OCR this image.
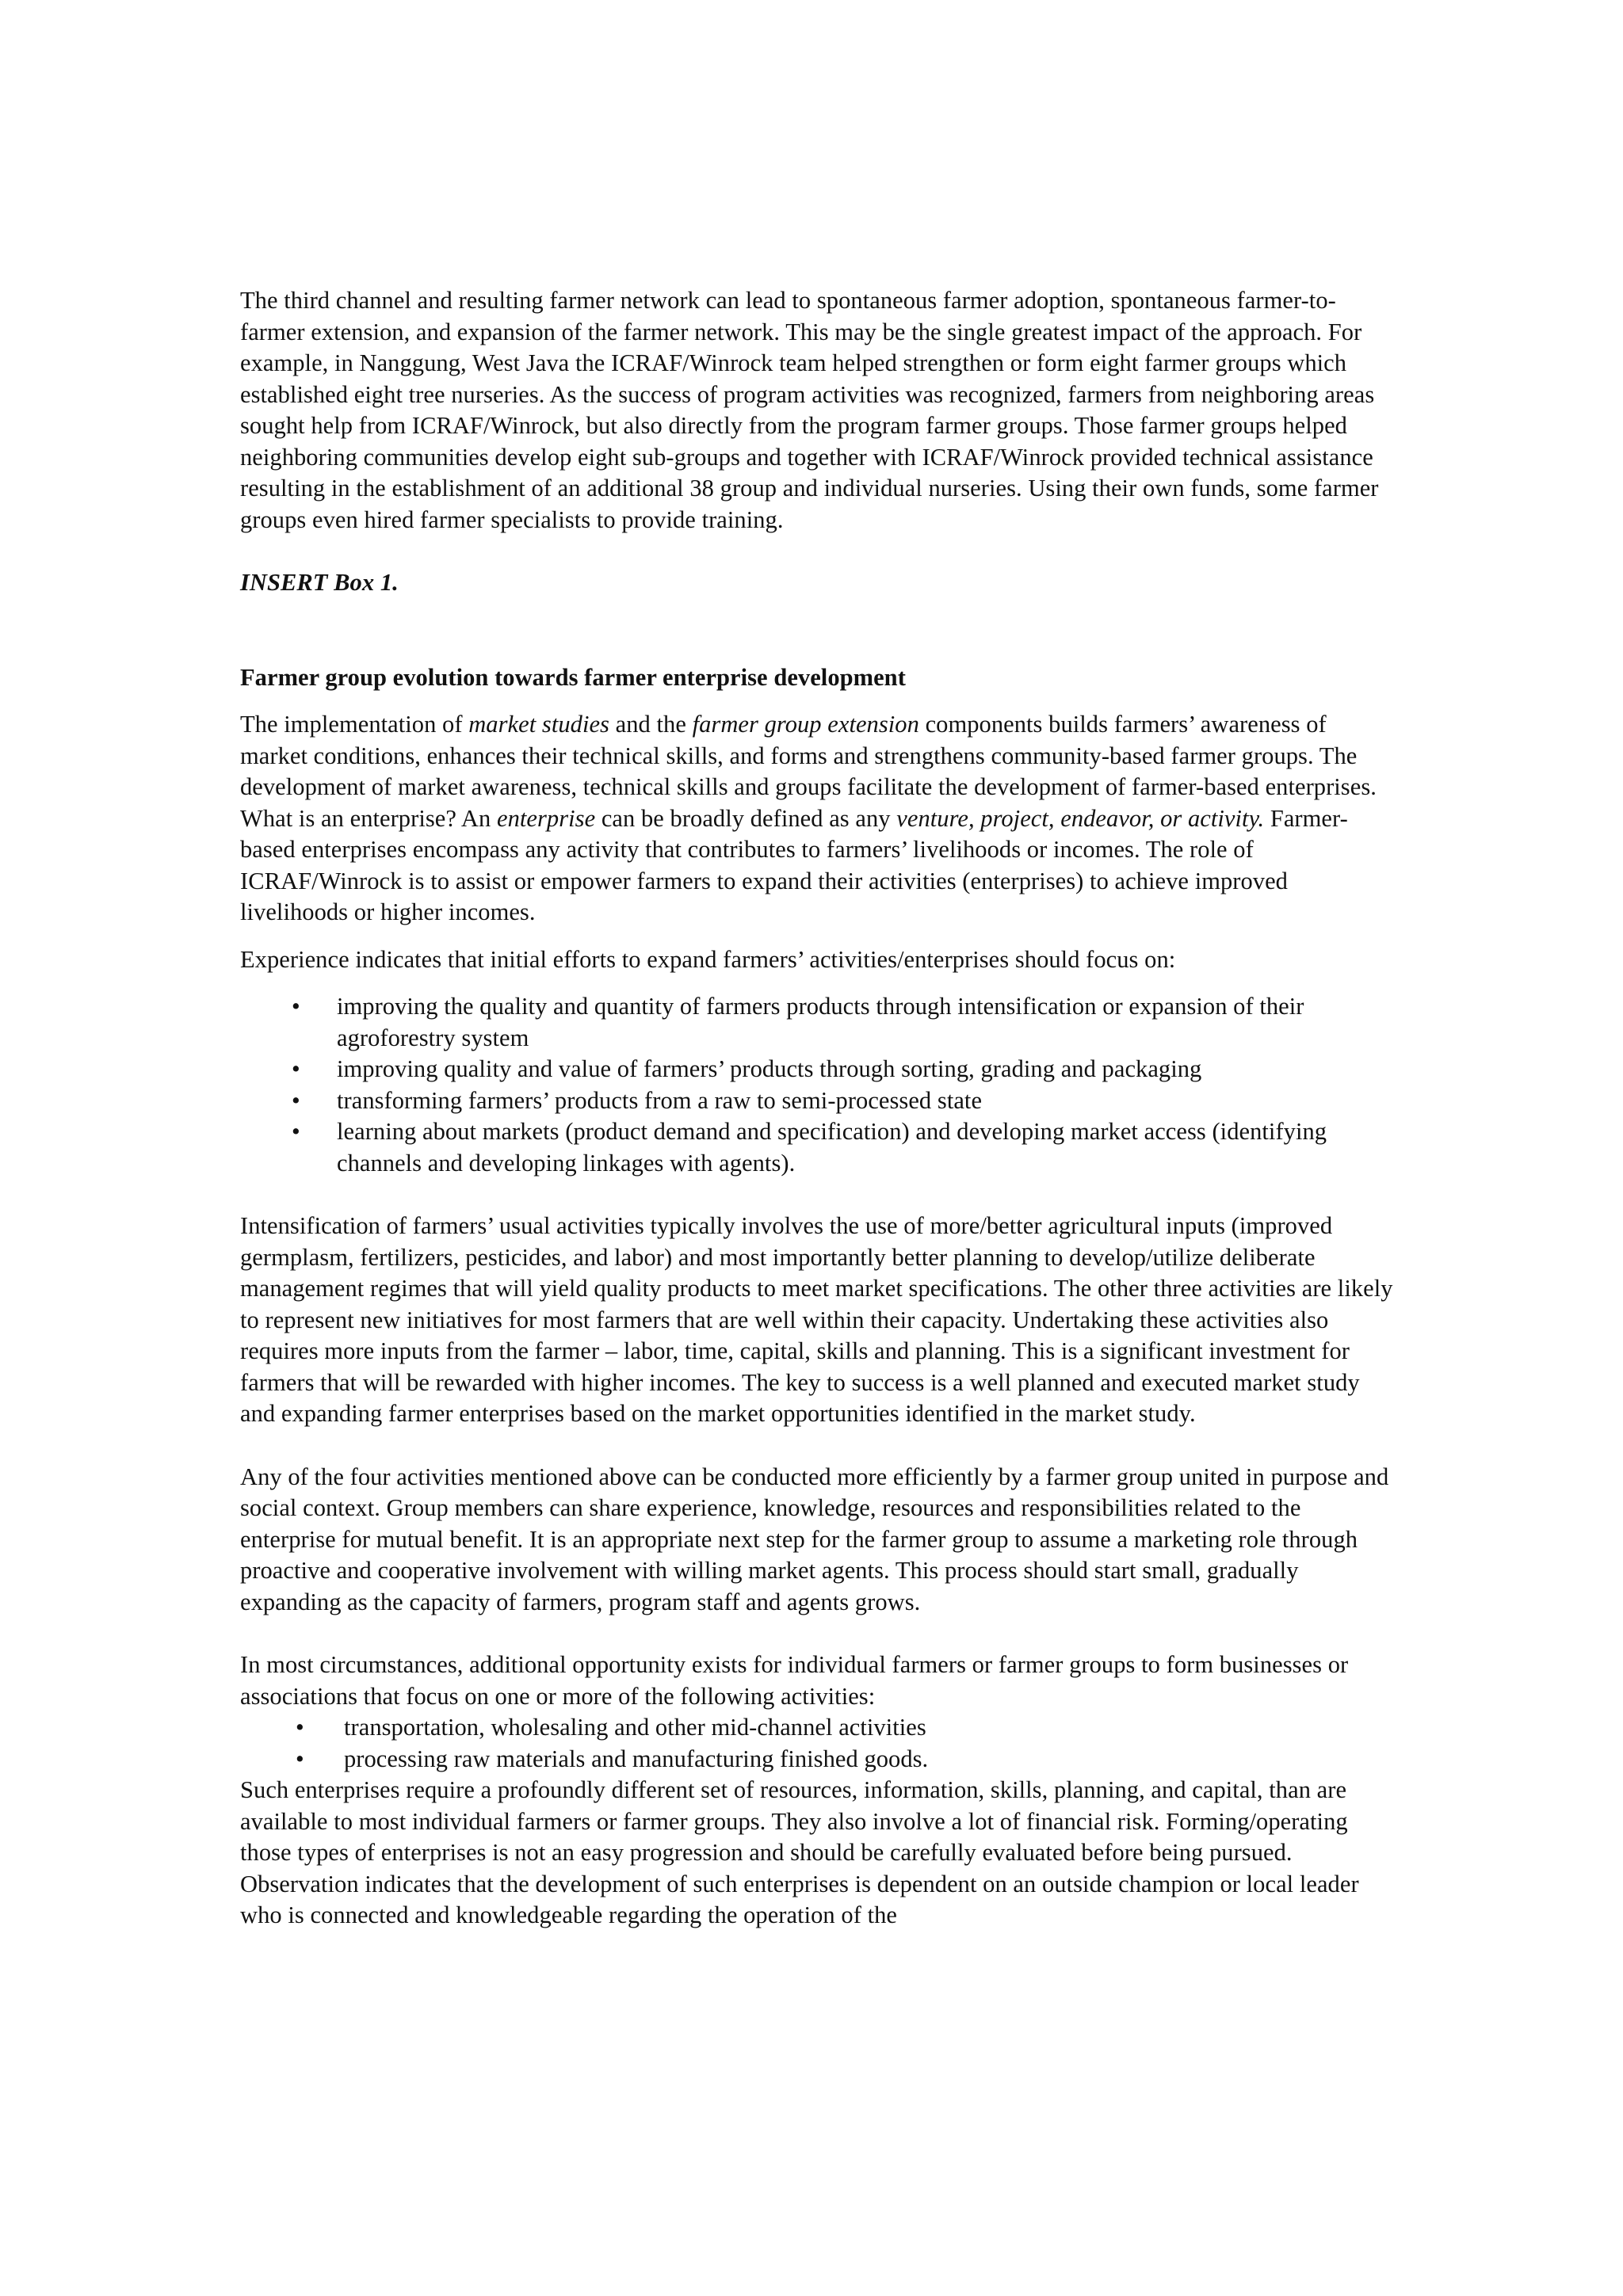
The third channel and resulting farmer network can lead to spontaneous farmer adoption, spontaneous farmer-to-farmer extension, and expansion of the farmer network. This may be the single greatest impact of the approach. For example, in Nanggung, West Java the ICRAF/Winrock team helped strengthen or form eight farmer groups which established eight tree nurseries. As the success of program activities was recognized, farmers from neighboring areas sought help from ICRAF/Winrock, but also directly from the program farmer groups. Those farmer groups helped neighboring communities develop eight sub-groups and together with ICRAF/Winrock provided technical assistance resulting in the establishment of an additional 38 group and individual nurseries. Using their own funds, some farmer groups even hired farmer specialists to provide training.

INSERT Box 1.

Farmer group evolution towards farmer enterprise development

The implementation of market studies and the farmer group extension components builds farmers’ awareness of market conditions, enhances their technical skills, and forms and strengthens community-based farmer groups. The development of market awareness, technical skills and groups facilitate the development of farmer-based enterprises. What is an enterprise? An enterprise can be broadly defined as any venture, project, endeavor, or activity. Farmer-based enterprises encompass any activity that contributes to farmers’ livelihoods or incomes. The role of ICRAF/Winrock is to assist or empower farmers to expand their activities (enterprises) to achieve improved livelihoods or higher incomes.

Experience indicates that initial efforts to expand farmers’ activities/enterprises should focus on:

• improving the quality and quantity of farmers products through intensification or expansion of their agroforestry system
• improving quality and value of farmers’ products through sorting, grading and packaging
• transforming farmers’ products from a raw to semi-processed state
• learning about markets (product demand and specification) and developing market access (identifying channels and developing linkages with agents).

Intensification of farmers’ usual activities typically involves the use of more/better agricultural inputs (improved germplasm, fertilizers, pesticides, and labor) and most importantly better planning to develop/utilize deliberate management regimes that will yield quality products to meet market specifications. The other three activities are likely to represent new initiatives for most farmers that are well within their capacity. Undertaking these activities also requires more inputs from the farmer – labor, time, capital, skills and planning. This is a significant investment for farmers that will be rewarded with higher incomes. The key to success is a well planned and executed market study and expanding farmer enterprises based on the market opportunities identified in the market study.

Any of the four activities mentioned above can be conducted more efficiently by a farmer group united in purpose and social context. Group members can share experience, knowledge, resources and responsibilities related to the enterprise for mutual benefit. It is an appropriate next step for the farmer group to assume a marketing role through proactive and cooperative involvement with willing market agents. This process should start small, gradually expanding as the capacity of farmers, program staff and agents grows.

In most circumstances, additional opportunity exists for individual farmers or farmer groups to form businesses or associations that focus on one or more of the following activities:

• transportation, wholesaling and other mid-channel activities
• processing raw materials and manufacturing finished goods.

Such enterprises require a profoundly different set of resources, information, skills, planning, and capital, than are available to most individual farmers or farmer groups. They also involve a lot of financial risk. Forming/operating those types of enterprises is not an easy progression and should be carefully evaluated before being pursued. Observation indicates that the development of such enterprises is dependent on an outside champion or local leader who is connected and knowledgeable regarding the operation of the
